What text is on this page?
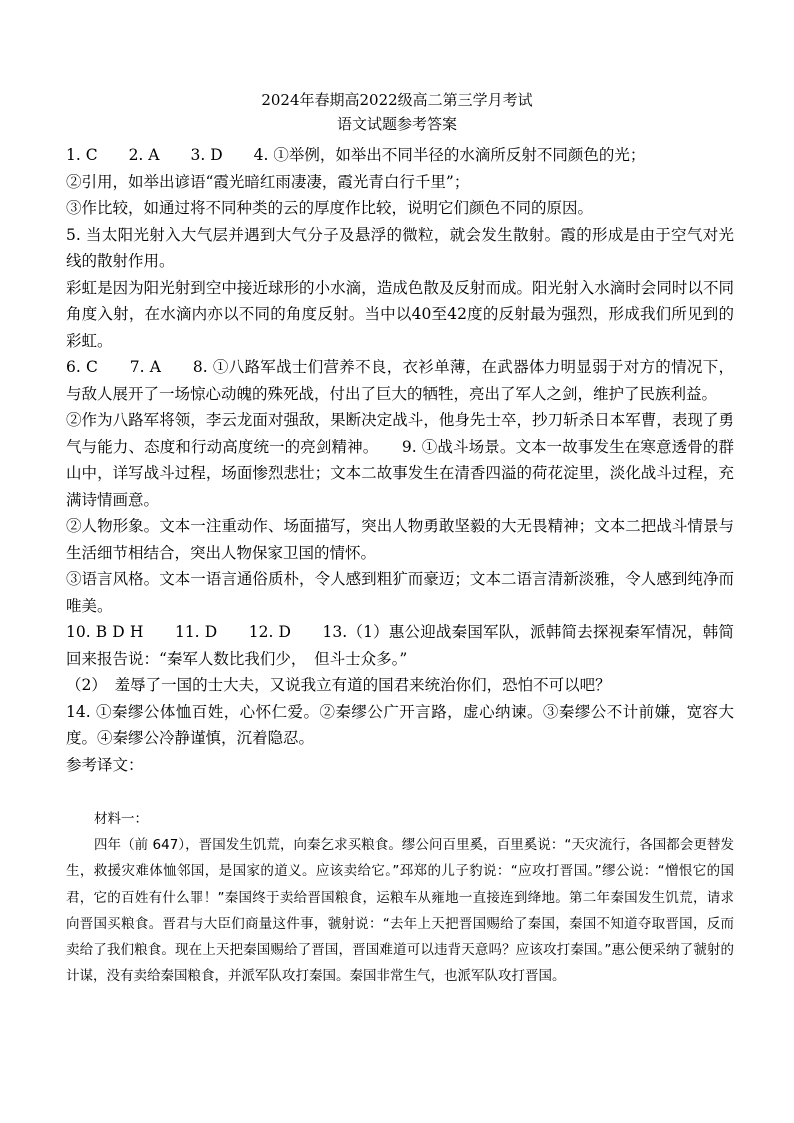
2024年春期高2022级高二第三学月考试
语文试题参考答案

1. C　　2. A　　3. D　　4. ①举例，如举出不同半径的水滴所反射不同颜色的光；

②引用，如举出谚语“霞光暗红雨凄凄，霞光青白行千里”；

③作比较，如通过将不同种类的云的厚度作比较，说明它们颜色不同的原因。

5. 当太阳光射入大气层并遇到大气分子及悬浮的微粒，就会发生散射。霞的形成是由于空气对光线的散射作用。

彩虹是因为阳光射到空中接近球形的小水滴，造成色散及反射而成。阳光射入水滴时会同时以不同角度入射，在水滴内亦以不同的角度反射。当中以40至42度的反射最为强烈，形成我们所见到的彩虹。

6. C　　7. A　　8. ①八路军战士们营养不良，衣衫单薄，在武器体力明显弱于对方的情况下，与敌人展开了一场惊心动魄的殊死战，付出了巨大的牺牲，亮出了军人之剑，维护了民族利益。

②作为八路军将领，李云龙面对强敌，果断决定战斗，他身先士卒，抄刀斩杀日本军曹，表现了勇气与能力、态度和行动高度统一的亮剑精神。　　9. ①战斗场景。文本一故事发生在寒意透骨的群山中，详写战斗过程，场面惨烈悲壮；文本二故事发生在清香四溢的荷花淀里，淡化战斗过程，充满诗情画意。

②人物形象。文本一注重动作、场面描写，突出人物勇敢坚毅的大无畏精神；文本二把战斗情景与生活细节相结合，突出人物保家卫国的情怀。

③语言风格。文本一语言通俗质朴，令人感到粗犷而豪迈；文本二语言清新淡雅，令人感到纯净而唯美。

10. B D H　　11. D　　12. D　　13.（1）惠公迎战秦国军队，派韩简去探视秦军情况，韩简回来报告说：“秦军人数比我们少，　但斗士众多。”

（2）　羞辱了一国的士大夫，又说我立有道的国君来统治你们，恐怕不可以吧？

14. ①秦缪公体恤百姓，心怀仁爱。②秦缪公广开言路，虚心纳谏。③秦缪公不计前嫌，宽容大度。④秦缪公冷静谨慎，沉着隐忍。

参考译文：

材料一：

四年（前 647），晋国发生饥荒，向秦乞求买粮食。缪公问百里奚，百里奚说：“天灾流行，各国都会更替发生，救援灾难体恤邻国，是国家的道义。应该卖给它。”邳郑的儿子豹说：“应攻打晋国。”缪公说：“憎恨它的国君，它的百姓有什么罪！”秦国终于卖给晋国粮食，运粮车从雍地一直接连到绛地。第二年秦国发生饥荒，请求向晋国买粮食。晋君与大臣们商量这件事，虢射说：“去年上天把晋国赐给了秦国，秦国不知道夺取晋国，反而卖给了我们粮食。现在上天把秦国赐给了晋国，晋国难道可以违背天意吗？应该攻打秦国。”惠公便采纳了虢射的计谋，没有卖给秦国粮食，并派军队攻打秦国。秦国非常生气，也派军队攻打晋国。
